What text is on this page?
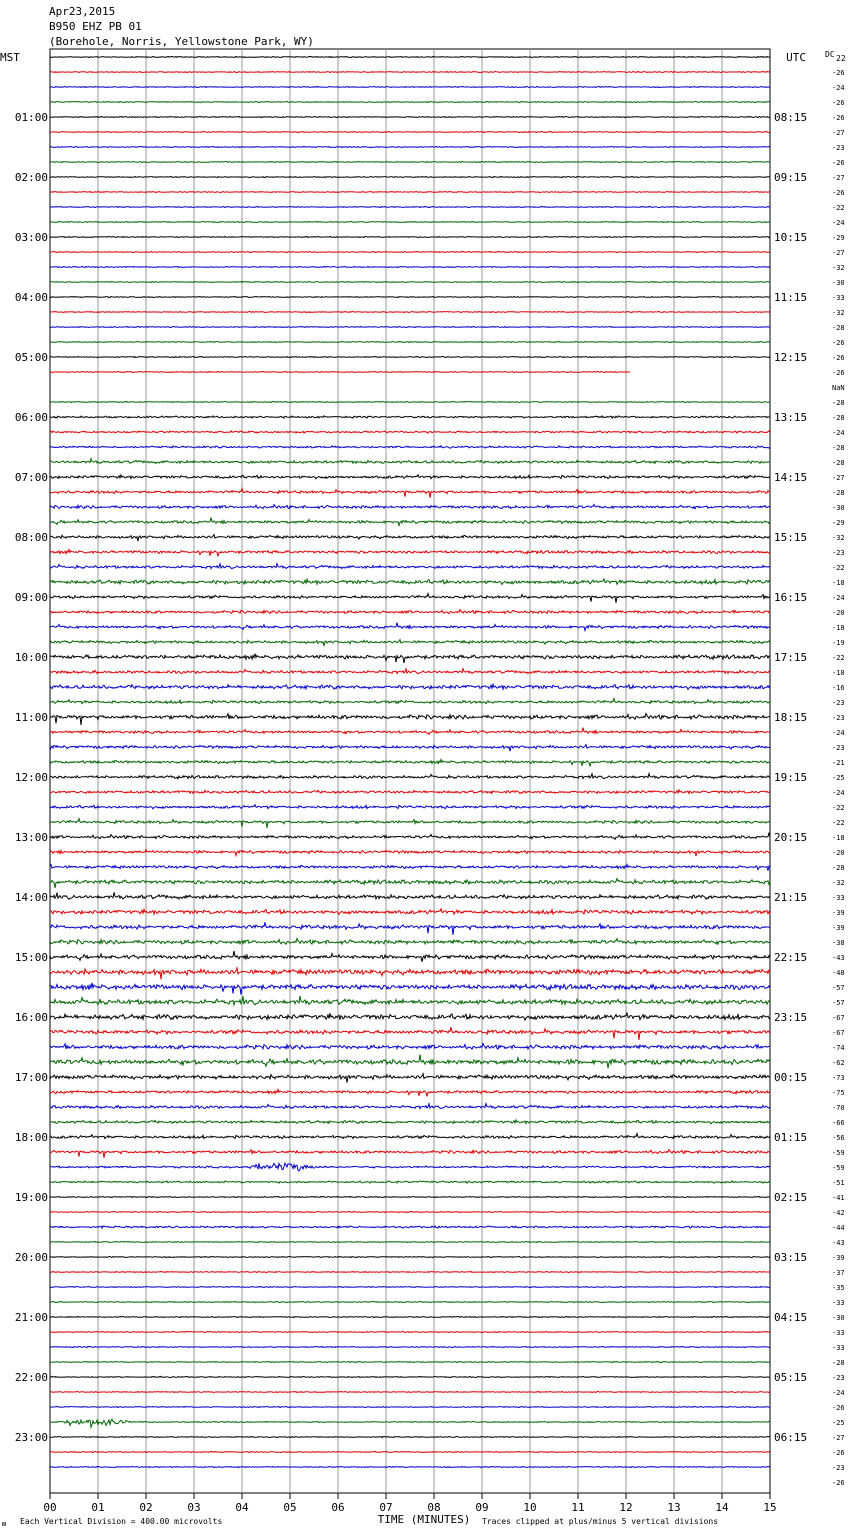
Apr23,2015
B950 EHZ PB 01
(Borehole, Norris, Yellowstone Park, WY)
MST	UTC
01:00
02:00
03:00
04:00
05:00
06:00
07:00
08:00
09:00
10:00
11:00
12:00
13:00
14:00
15:00
16:00
17:00
18:00
19:00
20:00
21:00
22:00
23:00
08:15
09:15
10:15
11:15
12:15
13:15
14:15
15:15
16:15
17:15
18:15
19:15
20:15
21:15
22:15
23:15
00:15
01:15
02:15
03:15
04:15
05:15
06:15
DC 22
-26
-24
-26
-26
-27
-23
-26
-27
-26
-22
-24
-29
-27
-32
-30
-33
-32
-28
-26
-26
-26
NaN
-28
-28
-24
-28
-28
-27
-28
-30
-29
-32
-23
-22
-18
-24
-20
-18
-19
-22
-18
-16
-23
-23
-24
-23
-21
-25
-24
-22
-22
-18
-20
-28
-32
-33
-39
-39
-38
-43
-48
-57
-57
-67
-67
-74
-62
-73
-75
-70
-66
-56
-59
-59
-51
-41
-42
-44
-43
-39
-37
-35
-33
-30
-33
-33
-28
-23
-24
-26
-25
-27
-26
-23
-26
00	01	02	03	04	05	06	07	08	09	10	11	12	13	14	15
TIME (MINUTES)
Each Vertical Division = 400.00 microvolts	Traces clipped at plus/minus 5 vertical divisions
ᴍ
